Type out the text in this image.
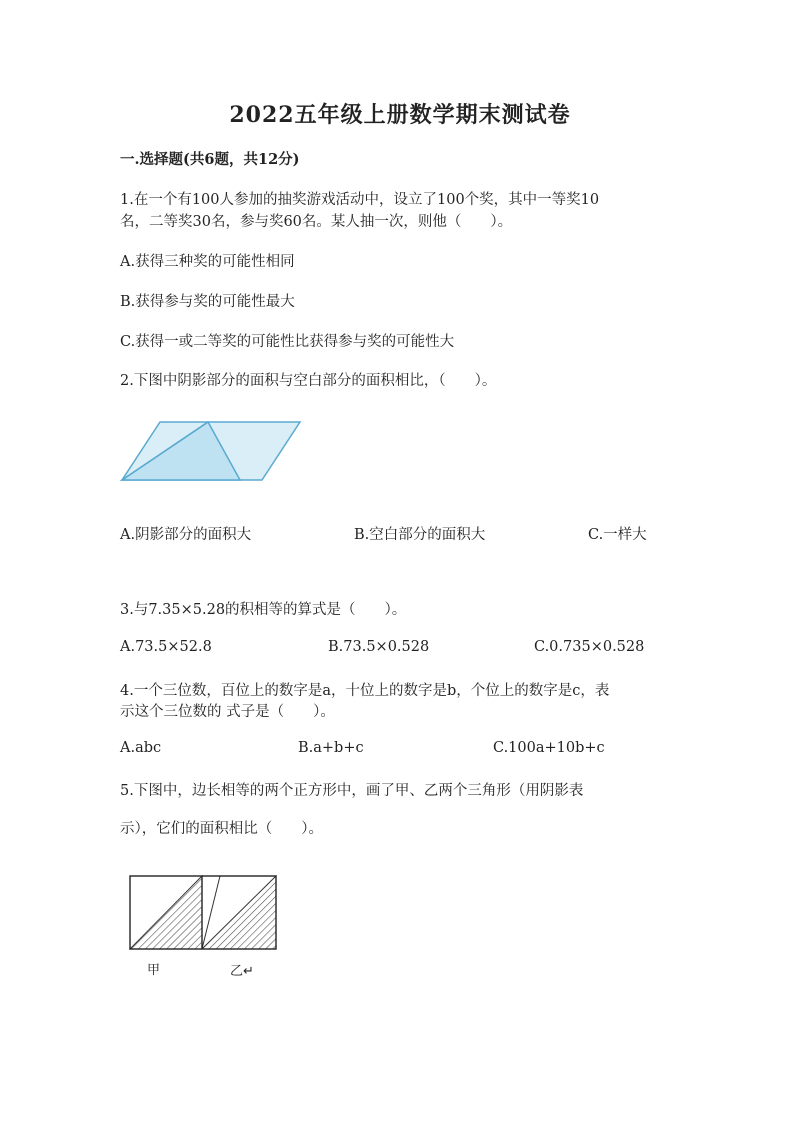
2022五年级上册数学期末测试卷
一.选择题(共6题，共12分)
1.在一个有100人参加的抽奖游戏活动中，设立了100个奖，其中一等奖10
名，二等奖30名，参与奖60名。某人抽一次，则他（　　）。
A.获得三种奖的可能性相同
B.获得参与奖的可能性最大
C.获得一或二等奖的可能性比获得参与奖的可能性大
2.下图中阴影部分的面积与空白部分的面积相比，（　　）。
A.阴影部分的面积大	B.空白部分的面积大	C.一样大
3.与7.35×5.28的积相等的算式是（　　）。
A.73.5×52.8	B.73.5×0.528	C.0.735×0.528
4.一个三位数，百位上的数字是a，十位上的数字是b，个位上的数字是c，表
示这个三位数的 式子是（　　）。
A.abc	B.a+b+c	C.100a+10b+c
5.下图中，边长相等的两个正方形中，画了甲、乙两个三角形（用阴影表
示），它们的面积相比（　　）。
甲	乙↵
